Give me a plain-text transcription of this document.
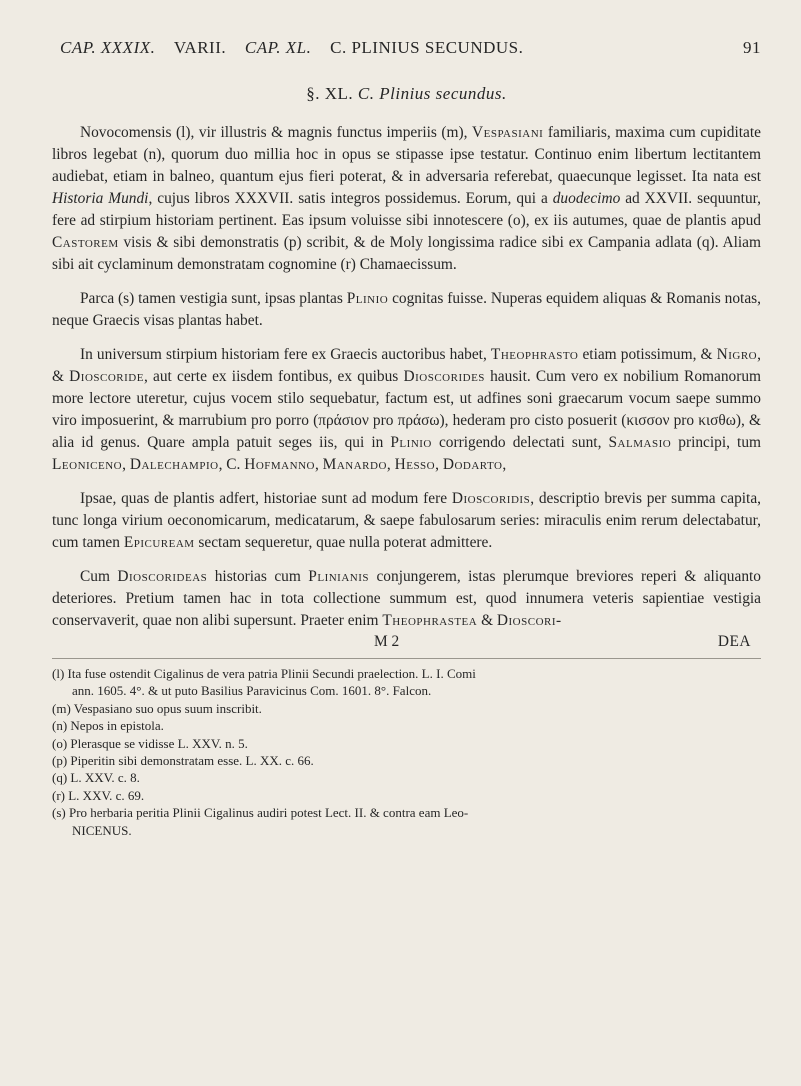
CAP. XXXIX. VARII. CAP. XL. C. PLINIUS SECUNDUS.	91
§. XL. C. Plinius secundus.

Novocomensis (l), vir illustris & magnis functus imperiis (m), Vespasiani familiaris, maxima cum cupiditate libros legebat (n), quorum duo millia hoc in opus se stipasse ipse testatur. Continuo enim libertum lectitantem audiebat, etiam in balneo, quantum ejus fieri poterat, & in adversaria referebat, quaecunque legisset. Ita nata est Historia Mundi, cujus libros XXXVII. satis integros possidemus. Eorum, qui a duodecimo ad XXVII. sequuntur, fere ad stirpium historiam pertinent. Eas ipsum voluisse sibi innotescere (o), ex iis autumes, quae de plantis apud Castorem visis & sibi demonstratis (p) scribit, & de Moly longissima radice sibi ex Campania adlata (q). Aliam sibi ait cyclaminum demonstratam cognomine (r) Chamaecissum.

Parca (s) tamen vestigia sunt, ipsas plantas Plinio cognitas fuisse. Nuperas equidem aliquas & Romanis notas, neque Graecis visas plantas habet.

In universum stirpium historiam fere ex Graecis auctoribus habet, Theophrasto etiam potissimum, & Nigro, & Dioscoride, aut certe ex iisdem fontibus, ex quibus Dioscorides hausit. Cum vero ex nobilium Romanorum more lectore uteretur, cujus vocem stilo sequebatur, factum est, ut adfines soni graecarum vocum saepe summo viro imposuerint, & marrubium pro porro (πράσιον pro πράσω), hederam pro cisto posuerit (κισσον pro κισθω), & alia id genus. Quare ampla patuit seges iis, qui in Plinio corrigendo delectati sunt, Salmasio principi, tum Leoniceno, Dalechampio, C. Hofmanno, Manardo, Hesso, Dodarto,

Ipsae, quas de plantis adfert, historiae sunt ad modum fere Dioscoridis, descriptio brevis per summa capita, tunc longa virium oeconomicarum, medicatarum, & saepe fabulosarum series: miraculis enim rerum delectabatur, cum tamen Epicuream sectam sequeretur, quae nulla poterat admittere.

Cum Dioscorideas historias cum Plinianis conjungerem, istas plerumque breviores reperi & aliquanto deteriores. Pretium tamen hac in tota collectione summum est, quod innumera veteris sapientiae vestigia conservaverit, quae non alibi supersunt. Praeter enim Theophrastea & Dioscori-

M 2	DEA

(l) Ita fuse ostendit Cigalinus de vera patria Plinii Secundi praelection. L. I. Comi

ann. 1605. 4°. & ut puto Basilius Paravicinus Com. 1601. 8°. Falcon.

(m) Vespasiano suo opus suum inscribit.

(n) Nepos in epistola.

(o) Plerasque se vidisse L. XXV. n. 5.

(p) Piperitin sibi demonstratam esse. L. XX. c. 66.

(q) L. XXV. c. 8.

(r) L. XXV. c. 69.

(s) Pro herbaria peritia Plinii Cigalinus audiri potest Lect. II. & contra eam Leo-

NICENUS.
